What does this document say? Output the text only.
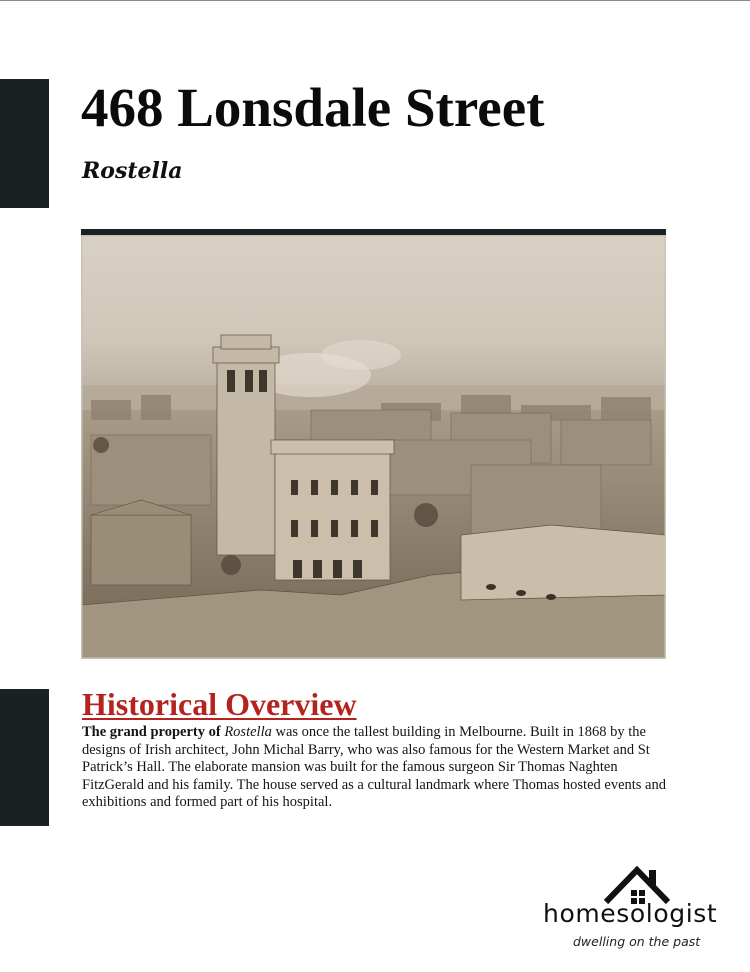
468 Lonsdale Street
Rostella
Historical Overview

The grand property of Rostella was once the tallest building in Melbourne. Built in 1868 by the designs of Irish architect, John Michal Barry, who was also famous for the Western Market and St Patrick’s Hall. The elaborate mansion was built for the famous surgeon Sir Thomas Naghten FitzGerald and his family. The house served as a cultural landmark where Thomas hosted events and exhibitions and formed part of his hospital.

homesologist
dwelling on the past
